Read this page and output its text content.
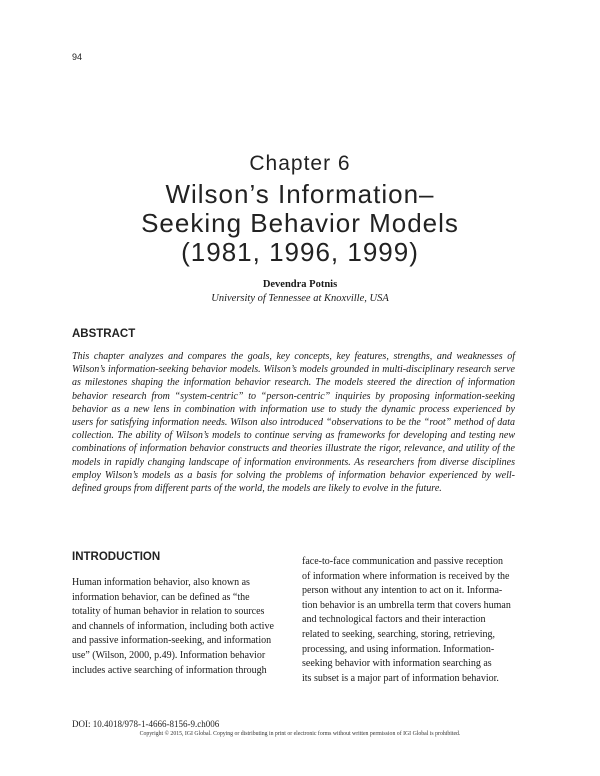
94
Chapter 6
Wilson’s Information–
Seeking Behavior Models
(1981, 1996, 1999)
Devendra Potnis
University of Tennessee at Knoxville, USA
ABSTRACT
This chapter analyzes and compares the goals, key concepts, key features, strengths, and weaknesses of Wilson’s information-seeking behavior models. Wilson’s models grounded in multi-disciplinary research serve as milestones shaping the information behavior research. The models steered the direction of information behavior research from “system-centric” to “person-centric” inquiries by proposing information-seeking behavior as a new lens in combination with information use to study the dynamic process experienced by users for satisfying information needs. Wilson also introduced “observations to be the “root” method of data collection. The ability of Wilson’s models to continue serving as frameworks for developing and testing new combinations of information behavior constructs and theories illustrate the rigor, relevance, and utility of the models in rapidly changing landscape of information environments. As researchers from diverse disciplines employ Wilson’s models as a basis for solving the problems of information behavior experienced by well-defined groups from different parts of the world, the models are likely to evolve in the future.
INTRODUCTION
Human information behavior, also known as
information behavior, can be defined as “the
totality of human behavior in relation to sources
and channels of information, including both active
and passive information-seeking, and information
use” (Wilson, 2000, p.49). Information behavior
includes active searching of information through
face-to-face communication and passive reception
of information where information is received by the
person without any intention to act on it. Informa-
tion behavior is an umbrella term that covers human
and technological factors and their interaction
related to seeking, searching, storing, retrieving,
processing, and using information. Information-
seeking behavior with information searching as
its subset is a major part of information behavior.
DOI: 10.4018/978-1-4666-8156-9.ch006
Copyright © 2015, IGI Global. Copying or distributing in print or electronic forms without written permission of IGI Global is prohibited.
